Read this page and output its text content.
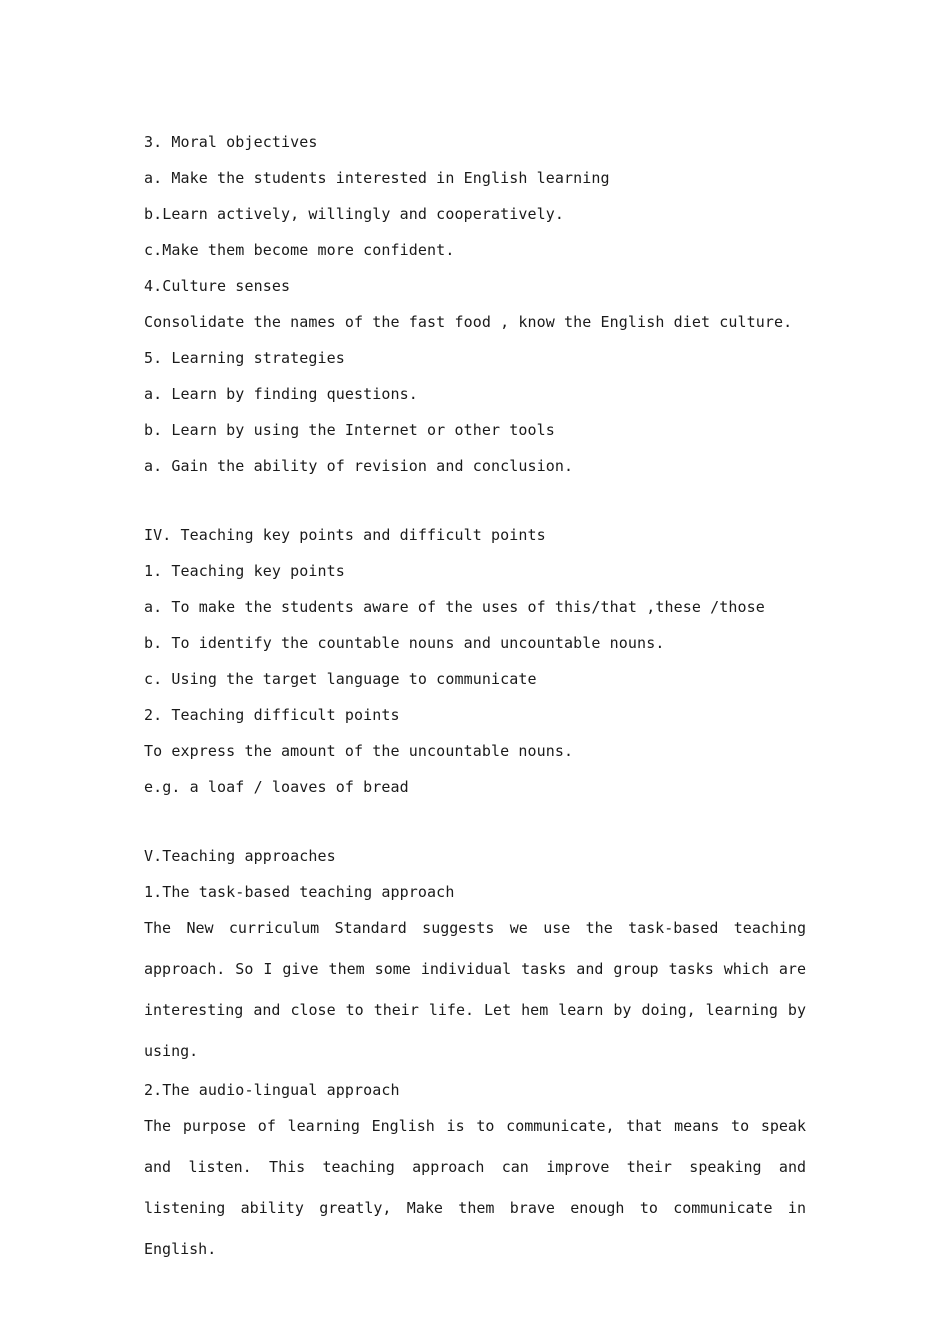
3. Moral objectives
a. Make the students interested in English learning
b.Learn actively, willingly and cooperatively.
c.Make them become more confident.
4.Culture senses
Consolidate the names of the fast food , know the English diet culture.
5. Learning strategies
a. Learn by finding questions.
b. Learn by using the Internet or other tools
a. Gain the ability of revision and conclusion.
IV. Teaching key points and difficult points
1. Teaching key points
a. To make the students aware of the uses of this/that ,these /those
b. To identify the countable nouns and uncountable nouns.
c. Using the target language to communicate
2. Teaching difficult points
To express the amount of the uncountable nouns.
e.g. a loaf / loaves of bread
V.Teaching approaches
1.The task-based teaching approach
The New curriculum Standard suggests we use the task-based teaching approach. So I give them some individual tasks and group tasks which are interesting and close to their life. Let hem learn by doing, learning by using.
2.The audio-lingual approach
The purpose of learning English is to communicate, that means to speak and listen. This teaching approach can improve their speaking and listening ability greatly, Make them brave enough to communicate in English.
